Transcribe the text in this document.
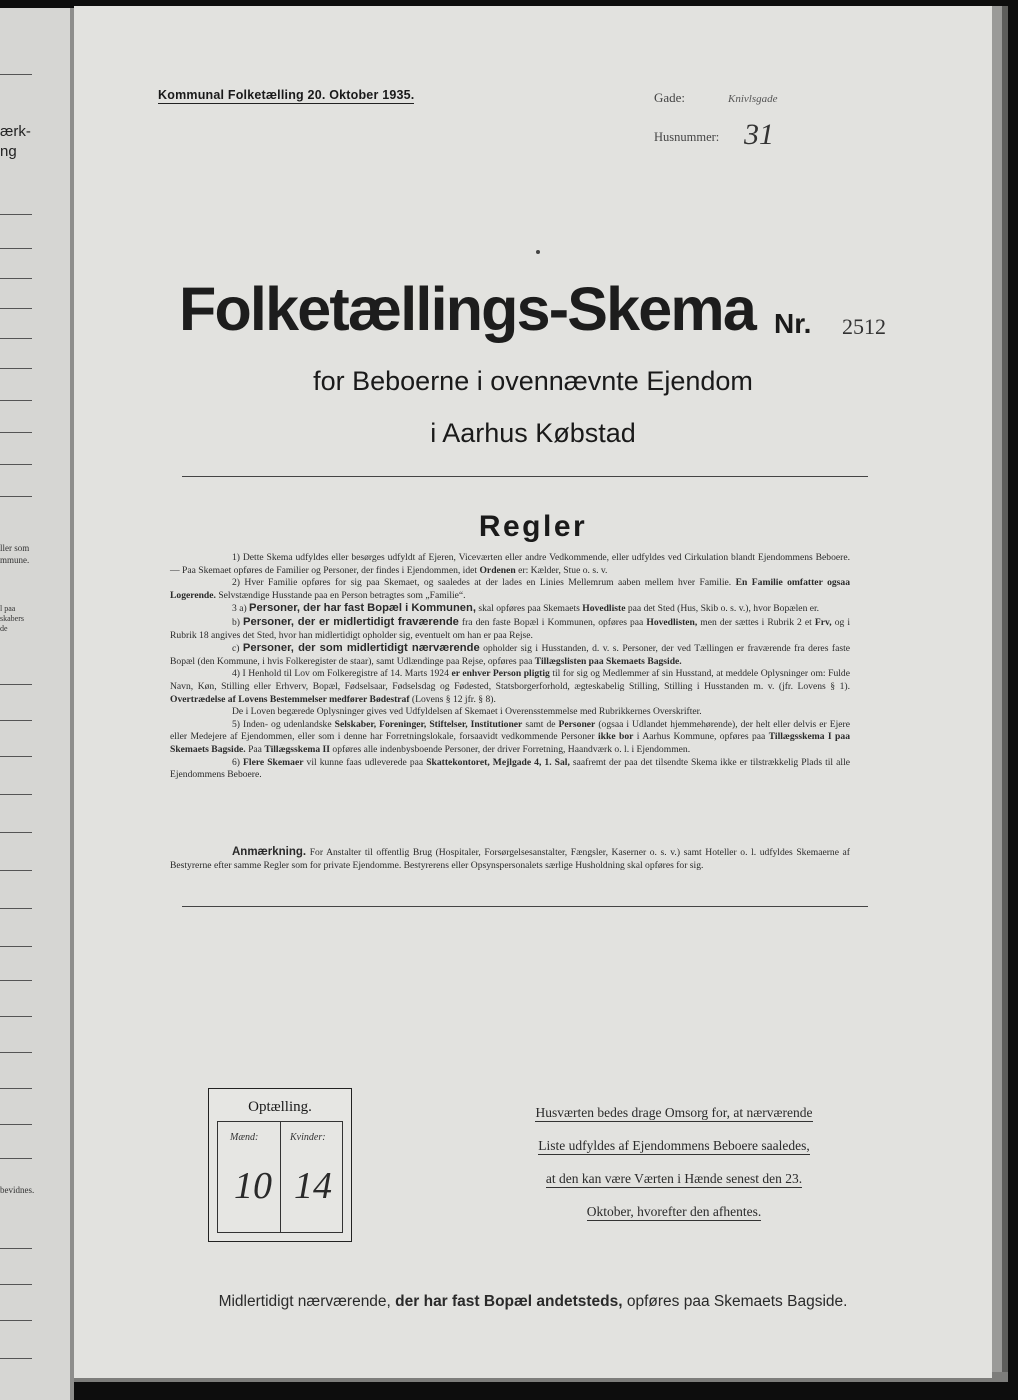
ærk-
ng
ller som
mmune.
l paa
skabers
de
bevidnes.
Kommunal Folketælling 20. Oktober 1935.	Gade:	Knivlsgade
Husnummer: 31
Folketællings-Skema Nr. 2512
for Beboerne i ovennævnte Ejendom
i Aarhus Købstad
Regler

1) Dette Skema udfyldes eller besørges udfyldt af Ejeren, Viceværten eller andre Vedkommende, eller udfyldes ved Cirkulation blandt Ejendommens Beboere. — Paa Skemaet opføres de Familier og Personer, der findes i Ejendommen, idet Ordenen er: Kælder, Stue o. s. v.

2) Hver Familie opføres for sig paa Skemaet, og saaledes at der lades en Linies Mellemrum aaben mellem hver Familie. En Familie omfatter ogsaa Logerende. Selvstændige Husstande paa en Person betragtes som „Familie“.

3 a) Personer, der har fast Bopæl i Kommunen, skal opføres paa Skemaets Hovedliste paa det Sted (Hus, Skib o. s. v.), hvor Bopælen er.

b) Personer, der er midlertidigt fraværende fra den faste Bopæl i Kommunen, opføres paa Hovedlisten, men der sættes i Rubrik 2 et Frv, og i Rubrik 18 angives det Sted, hvor han midlertidigt opholder sig, eventuelt om han er paa Rejse.

c) Personer, der som midlertidigt nærværende opholder sig i Husstanden, d. v. s. Personer, der ved Tællingen er fraværende fra deres faste Bopæl (den Kommune, i hvis Folkeregister de staar), samt Udlændinge paa Rejse, opføres paa Tillægslisten paa Skemaets Bagside.

4) I Henhold til Lov om Folkeregistre af 14. Marts 1924 er enhver Person pligtig til for sig og Medlemmer af sin Husstand, at meddele Oplysninger om: Fulde Navn, Køn, Stilling eller Erhverv, Bopæl, Fødselsaar, Fødselsdag og Fødested, Statsborgerforhold, ægteskabelig Stilling, Stilling i Husstanden m. v. (jfr. Lovens § 1). Overtrædelse af Lovens Bestemmelser medfører Bødestraf (Lovens § 12 jfr. § 8).

De i Loven begærede Oplysninger gives ved Udfyldelsen af Skemaet i Overensstemmelse med Rubrikkernes Overskrifter.

5) Inden- og udenlandske Selskaber, Foreninger, Stiftelser, Institutioner samt de Personer (ogsaa i Udlandet hjemmehørende), der helt eller delvis er Ejere eller Medejere af Ejendommen, eller som i denne har Forretningslokale, forsaavidt vedkommende Personer ikke bor i Aarhus Kommune, opføres paa Tillægsskema I paa Skemaets Bagside. Paa Tillægsskema II opføres alle indenbysboende Personer, der driver Forretning, Haandværk o. l. i Ejendommen.

6) Flere Skemaer vil kunne faas udleverede paa Skattekontoret, Mejlgade 4, 1. Sal, saafremt der paa det tilsendte Skema ikke er tilstrækkelig Plads til alle Ejendommens Beboere.

Anmærkning. For Anstalter til offentlig Brug (Hospitaler, Forsørgelsesanstalter, Fængsler, Kaserner o. s. v.) samt Hoteller o. l. udfyldes Skemaerne af Bestyrerne efter samme Regler som for private Ejendomme. Bestyrerens eller Opsynspersonalets særlige Husholdning skal opføres for sig.

Optælling.
Mænd:	Kvinder:
10 14
Husværten bedes drage Omsorg for, at nærværende
Liste udfyldes af Ejendommens Beboere saaledes,
at den kan være Værten i Hænde senest den 23.
Oktober, hvorefter den afhentes.
Midlertidigt nærværende, der har fast Bopæl andetsteds, opføres paa Skemaets Bagside.
